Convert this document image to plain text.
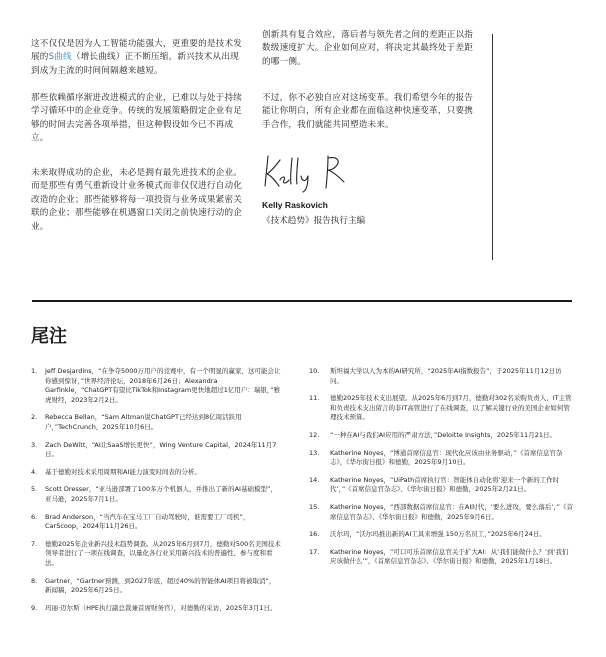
这不仅仅是因为人工智能功能强大，更重要的是技术发展的S曲线（增长曲线）正不断压缩，新兴技术从出现到成为主流的时间间隔越来越短。

那些依赖循序渐进改进模式的企业，已难以与处于持续学习循环中的企业竞争。传统的发展策略假定企业有足够的时间去完善各项举措，但这种假设如今已不再成立。

未来取得成功的企业，未必是拥有最先进技术的企业。而是那些有勇气重新设计业务模式而非仅仅进行自动化改造的企业；那些能够将每一项投资与业务成果紧密关联的企业；那些能够在机遇窗口关闭之前快速行动的企业。

创新具有复合效应，落后者与领先者之间的差距正以指数级速度扩大。企业如何应对，将决定其最终处于差距的哪一侧。

不过，你不必独自应对这场变革。我们希望今年的报告能让你明白，所有企业都在面临这种快速变革，只要携手合作，我们就能共同塑造未来。

Kelly Raskovich
《技术趋势》报告执行主编
尾注
1.	Jeff Desjardins，“在争夺5000万用户的竞赛中，有一个明显的赢家，这可能会让你感到惊讶，”世界经济论坛，2018年6月26日；Alexandra Garfinkle，“ChatGPT有望比TikTok和Instagram更快地超过1亿用户：瑞银，”雅虎财经，2023年2月2日。
2.	Rebecca Bellan，“Sam Altman说ChatGPT已经达到8亿周活跃用户，”TechCrunch，2025年10月6日。
3.	Zach DeWitt，“AI让SaaS增长更快”，Wing Venture Capital，2024年11月7日。
4.	基于德勤对技术采用周期和AI能力演变时间表的分析。
5.	Scott Dresser，“亚马逊部署了100多万个机器人，并推出了新的AI基础模型”，亚马逊，2025年7月1日。
6.	Brad Anderson，“当汽车在宝马工厂自动驾驶时，谁需要工厂司机”，CarScoop，2024年11月26日。
7.	德勤2025年企业新兴技术趋势调查。从2025年6月到7月，德勤对500名美国技术领导者进行了一项在线调查，以量化各行业采用新兴技术的普遍性、参与度和看法。
8.	Gartner，“Gartner预测，到2027年底，超过40%的智能体AI项目将被取消”，新闻稿，2025年6月25日。
9.	玛丽·迈尔斯（HPE执行副总裁兼首席财务官），对德勤的采访，2025年3月1日。
10.	斯坦福大学以人为本的AI研究所，“2025年AI指数报告”，于2025年11月12日访问。
11.	德勤2025年技术支出展望。从2025年6月到7月，德勤对302名采购负责人、IT主管和负责技术支出留言的非IT高管进行了在线调查，以了解关键行业的美国企业如何管理技术预算。
12.	“一种在AI与我们AI应用的严肃方法，”Deloitte Insights，2025年11月21日。
13.	Katherine Noyes，“博通首席信息官：现代化应该由业务驱动，”《首席信息官杂志》，《华尔街日报》和德勤，2025年9月10日。
14.	Katherine Noyes，“UiPath首席执行官：智能体自动化将‘迎来一个新的工作时代’，”《首席信息官杂志》、《华尔街日报》和德勤，2025年2月21日。
15.	Katherine Noyes，“西部数据首席信息官：在AI时代，‘要么进攻，要么落后’，”《首席信息官杂志》、《华尔街日报》和德勤，2025年9月6日。
16.	沃尔玛，“沃尔玛推出新的AI工具来增强 150万名员工，”2025年6月24日。
17.	Katherine Noyes，“可口可乐首席信息官关于扩大AI：从‘我们能做什么？’到‘我们应该做什么’”，《首席信息官杂志》、《华尔街日报》和德勤，2025年1月18日。
